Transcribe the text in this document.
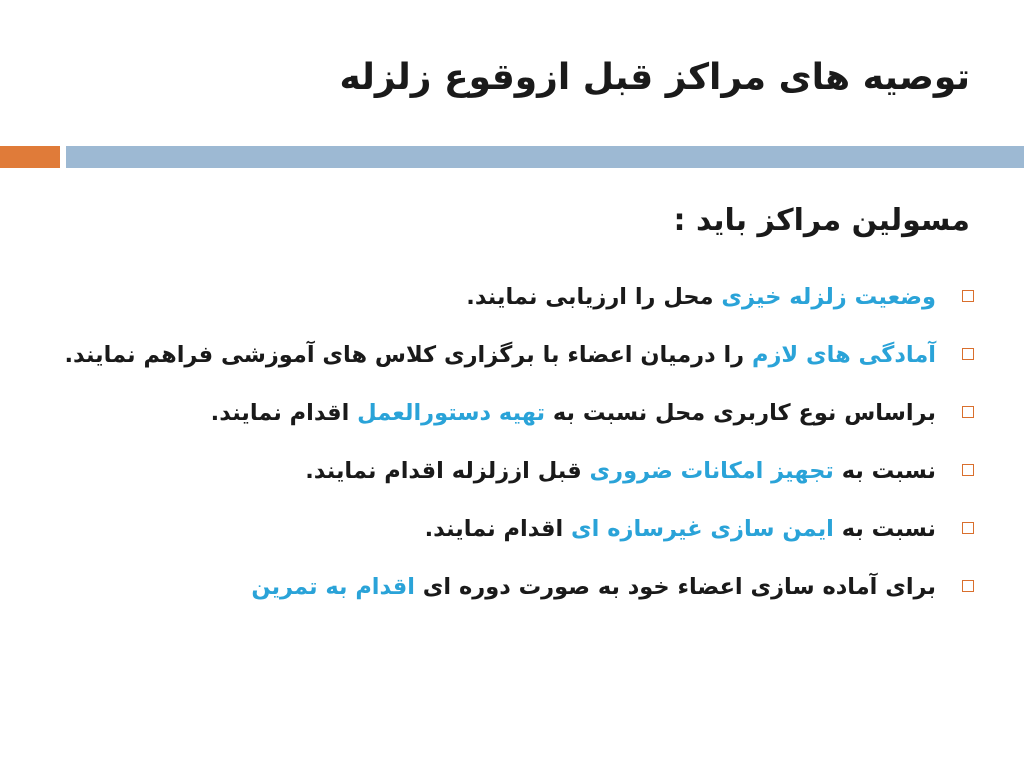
توصیه های مراکز قبل ازوقوع زلزله
مسولین مراکز باید :
وضعیت زلزله خیزی محل را ارزیابی نمایند.
آمادگی های لازم را درمیان اعضاء با برگزاری کلاس های آموزشی فراهم نمایند.
براساس نوع کاربری محل نسبت به تهیه دستورالعمل اقدام نمایند.
نسبت به تجهیز امکانات ضروری قبل اززلزله اقدام نمایند.
نسبت به ایمن سازی غیرسازه ای اقدام نمایند.
برای آماده سازی اعضاء خود به صورت دوره ای اقدام به تمرین
